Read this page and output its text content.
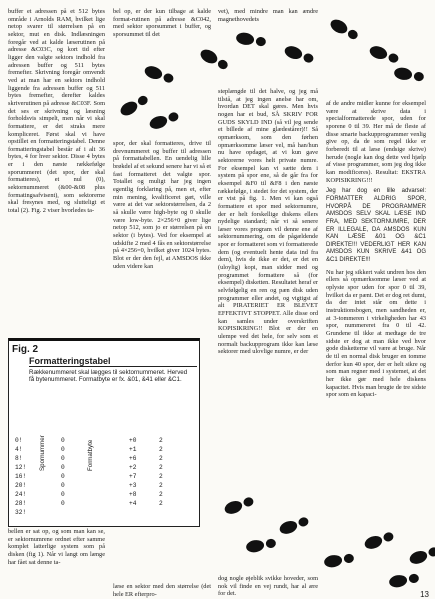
buffer et adressen på et 512 bytes område i Arnolds RAM, hvilket lige netop svarer til størrelsen på en sektor, mut en disk. Indlæsningen foregår ved at kalde læserutinen på adresse &C03C, og kort tid efter ligger den valgte sektors indhold fra adressen buffer og 511 bytes fremefter. Skrivning foregår omvendt ved at man har en sektors indhold liggende fra adressen buffer og 511 bytes fremefter, derefter kaldes skriverutinen på adresse &C03F. Som det ses er skrivning og læsning forholdsvis simpelt, men når vi skal formattere, er det straks mere kompliceret. Først skal vi have opstillet en formatteringstabel. Denne formatteringstabel består af i alt 36 bytes, 4 for hver sektor. Disse 4 bytes er i den næste rækkefølge sporummeret (det spor, der skal formatteres), et nul (0), sektornummeret (&00-&08 plus formatingsafvisent), som sektorerne skal fresynes med, og slutteligt et total (2). Fig. 2 viser hvorledes ta-

bel op, er der kun tilbage at kalde format-rutinen på adresse &C042, med sektor sporsummet i buffer, og sporsummet til det

spor, der skal formatteres, drive til drevnummeret og buffer til adressen på formattabellen. En uendelig lille brøkdel af et sekund senere har vi så et fast formatteret det valgte spor. Totallet og muligt har jeg ingen egentlig forklaring på, men et, efter min mening, kvalificeret gæt, ville være at det var sektorstørrelsen, da 2 så skulle være high-byte og 0 skulle være low-byte. 2×256+0 giver lige netop 512, som jo er størrelsen på en sektor (i bytes). Ved for eksempel at udskifte 2 med 4 fås en sektorstørrelse på 4×256=0, hvilket giver 1024 bytes. Blot er der den fejl, at AMSDOS ikke uden videre kan

vet), med mindre man kan ændre magnethovedets

steplængde til det halve, og jeg må tilstå, at jeg ingen anelse har om, hvordan DET skal gøres. Men hvis nogen har et bud, SÅ SKRIV FOR GUDS SKYLD IND (så vil jeg sende et billede af mine glædestårer)!! Så opmærksom, som den førhen opmærksomme læser vel, må han/hun nu have opdaget, at vi kun gave sektorerne vores helt private numre. For eksempel kan vi sætte dem i system på spor ene, så de går fra for eksempel &F0 til &F8 i den næste rækkefølge, i stedet for det system, der er vist på fig. 1. Men vi kan også formattere et spor med sektornumre, der er helt forskellige diskens ellers nydelige standard; når vi så senere læser vores program vil denne ene af sektornummering, om de pågældende spor er formatteret som vi formatterede dem (og eventuelt hente data ind fra dem), hvis de ikke er det, er det en (uloylig) kopi, man sidder med og programmet formattere så (for eksempel) disketten. Resultatet heraf er selvfølgelig en ren og pæn disk uden programmer eller andet, og vigtigst af alt PIRATERIET ER BLEVET EFFEKTIVT STOPPET. Alle disse ord kan samles under overskriften KOPISIKRING!! Blot er der en ulempe ved det hele, for selv som et normalt backupprogram ikke kan læse sektorer med ulovlige numre, er der

af de andre midler kunne for eksempel være at skrive data i specialformatterede spor, uden for sporene 0 til 39. Her må de fleste af disse smarte backupprogrammer venlig give op, da de som regel ikke er forberedt til at læse (endsige skrive) herude (nogle kan dog dette ved hjælp af visse programmer, som jeg dog ikke kan modificeres). Resultat: EKSTRA KOPISIKRING!!!

Jeg har dog en lille advarsel: FORMATTER ALDRIG SPOR, HVORPÅ DE PROGRAMMER AMSDOS SELV SKAL LÆSE IND FRA, MED SEKTORNUMRE, DER ER ILLEGALE, DA AMSDOS KUN KAN LÆSE &01 OG &C1 DIREKTE!!! VEDERLIGT HER KAN AMSDOS KUN SKRIVE &41 OG &C1 DIREKTE!!!

Nu har jeg sikkert vakt undren hos den ellers så opmærksomme læser ved at oplyste spor uden for spor 0 til 39, hvilket da er pænt. Det er dog ret dumt, da der intet står om dette i instruktionsbogen, men sandheden er, at 3-tommeren i virkeligheden har 43 spor, nummereret fra 0 til 42. Grundene til ikke at medtage de tre sidste er dog at man ikke ved hvor gode disketterne vil være at bruge. Når de til en normal disk bruger en tomme derfor kun 40 spor, der er helt sikre og som man regner med i systemet, at det her ikke gør med hele diskens kapacitet. Hvis man brugte de tre sidste spor som en kapaci-

Fig. 2
Formatteringstabel
Rækkenummeret skal lægges til sektornummeret. Herved få bytenummeret. Formatbyte er fx. &01, &41 eller &C1.
Spornummer	Formatbyte
0!	0	+0	2
4!	0	+1	2
8!	0	+6	2
12!	0	+2	2
16!	0	+7	2
20!	0	+3	2
24!	0	+8	2
28!	0	+4	2
32!

bellen er sat op, og som man kan se, er sektornumrene ordnet efter samme komplet latterlige system som på disken (fig 1). Når vi langt om længe har fået sat denne ta-

læse en sektor med den størrelse (det hele ER efterpro-

dog nogle øjeblik svikke hoveder, som nok vil finde en vej rundt, har al ære for det.	13
